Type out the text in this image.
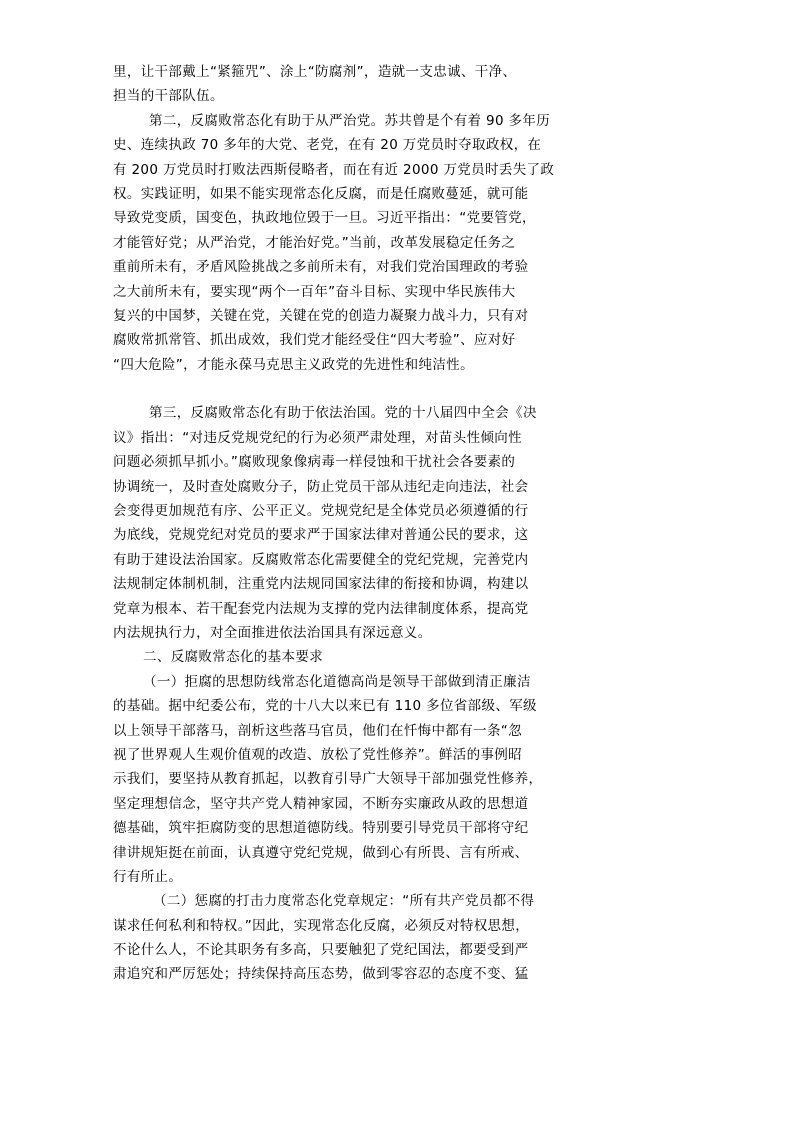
里，让干部戴上“紧箍咒”、涂上“防腐剂”，造就一支忠诚、干净、
担当的干部队伍。
第二，反腐败常态化有助于从严治党。苏共曾是个有着 90 多年历
史、连续执政 70 多年的大党、老党，在有 20 万党员时夺取政权，在
有 200 万党员时打败法西斯侵略者，而在有近 2000 万党员时丢失了政
权。实践证明，如果不能实现常态化反腐，而是任腐败蔓延，就可能
导致党变质，国变色，执政地位毁于一旦。习近平指出：“党要管党，
才能管好党；从严治党，才能治好党。”当前，改革发展稳定任务之
重前所未有，矛盾风险挑战之多前所未有，对我们党治国理政的考验
之大前所未有，要实现“两个一百年”奋斗目标、实现中华民族伟大
复兴的中国梦，关键在党，关键在党的创造力凝聚力战斗力，只有对
腐败常抓常管、抓出成效，我们党才能经受住“四大考验”、应对好
“四大危险”，才能永葆马克思主义政党的先进性和纯洁性。
第三，反腐败常态化有助于依法治国。党的十八届四中全会《决
议》指出：“对违反党规党纪的行为必须严肃处理，对苗头性倾向性
问题必须抓早抓小。”腐败现象像病毒一样侵蚀和干扰社会各要素的
协调统一，及时查处腐败分子，防止党员干部从违纪走向违法，社会
会变得更加规范有序、公平正义。党规党纪是全体党员必须遵循的行
为底线，党规党纪对党员的要求严于国家法律对普通公民的要求，这
有助于建设法治国家。反腐败常态化需要健全的党纪党规，完善党内
法规制定体制机制，注重党内法规同国家法律的衔接和协调，构建以
党章为根本、若干配套党内法规为支撑的党内法律制度体系，提高党
内法规执行力，对全面推进依法治国具有深远意义。
二、反腐败常态化的基本要求
（一）拒腐的思想防线常态化道德高尚是领导干部做到清正廉洁
的基础。据中纪委公布，党的十八大以来已有 110 多位省部级、军级
以上领导干部落马，剖析这些落马官员，他们在忏悔中都有一条“忽
视了世界观人生观价值观的改造、放松了党性修养”。鲜活的事例昭
示我们，要坚持从教育抓起，以教育引导广大领导干部加强党性修养，
坚定理想信念，坚守共产党人精神家园，不断夯实廉政从政的思想道
德基础，筑牢拒腐防变的思想道德防线。特别要引导党员干部将守纪
律讲规矩挺在前面，认真遵守党纪党规，做到心有所畏、言有所戒、
行有所止。
（二）惩腐的打击力度常态化党章规定：“所有共产党员都不得
谋求任何私利和特权。”因此，实现常态化反腐，必须反对特权思想，
不论什么人，不论其职务有多高，只要触犯了党纪国法，都要受到严
肃追究和严厉惩处；持续保持高压态势，做到零容忍的态度不变、猛
